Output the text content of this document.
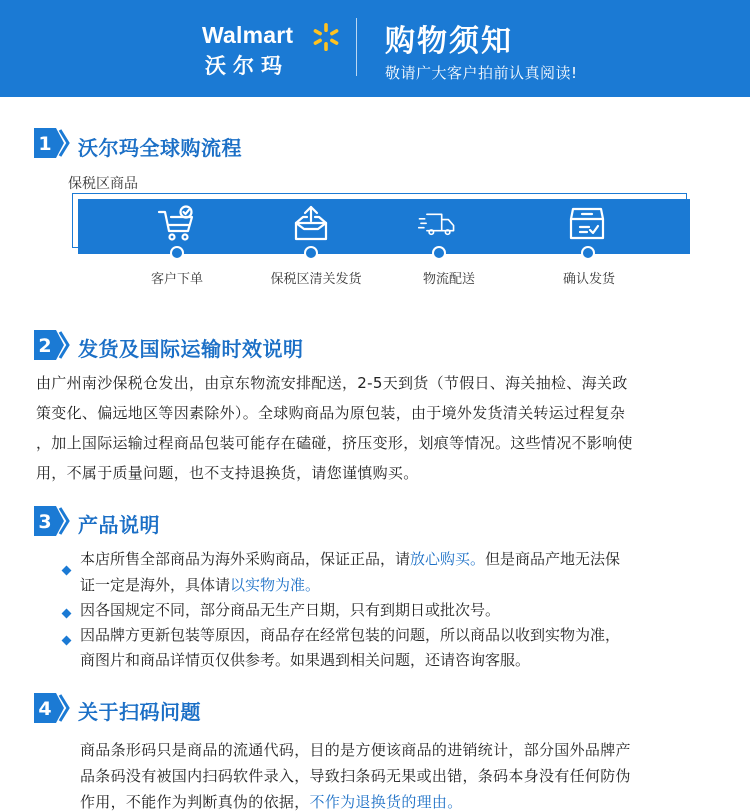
Walmart
沃尔玛
购物须知
敬请广大客户拍前认真阅读!
1 沃尔玛全球购流程
保税区商品
客户下单	保税区清关发货	物流配送	确认发货
2 发货及国际运输时效说明
由广州南沙保税仓发出，由京东物流安排配送，2-5天到货（节假日、海关抽检、海关政
策变化、偏远地区等因素除外）。全球购商品为原包装，由于境外发货清关转运过程复杂
，加上国际运输过程商品包装可能存在磕碰，挤压变形，划痕等情况。这些情况不影响使
用，不属于质量问题，也不支持退换货，请您谨慎购买。
3 产品说明
本店所售全部商品为海外采购商品，保证正品，请放心购买。但是商品产地无法保
证一定是海外，具体请以实物为准。
因各国规定不同，部分商品无生产日期，只有到期日或批次号。
因品牌方更新包装等原因，商品存在经常包装的问题，所以商品以收到实物为准，
商图片和商品详情页仅供参考。如果遇到相关问题，还请咨询客服。
4 关于扫码问题
商品条形码只是商品的流通代码，目的是方便该商品的进销统计，部分国外品牌产
品条码没有被国内扫码软件录入，导致扫条码无果或出错，条码本身没有任何防伪
作用，不能作为判断真伪的依据，不作为退换货的理由。
